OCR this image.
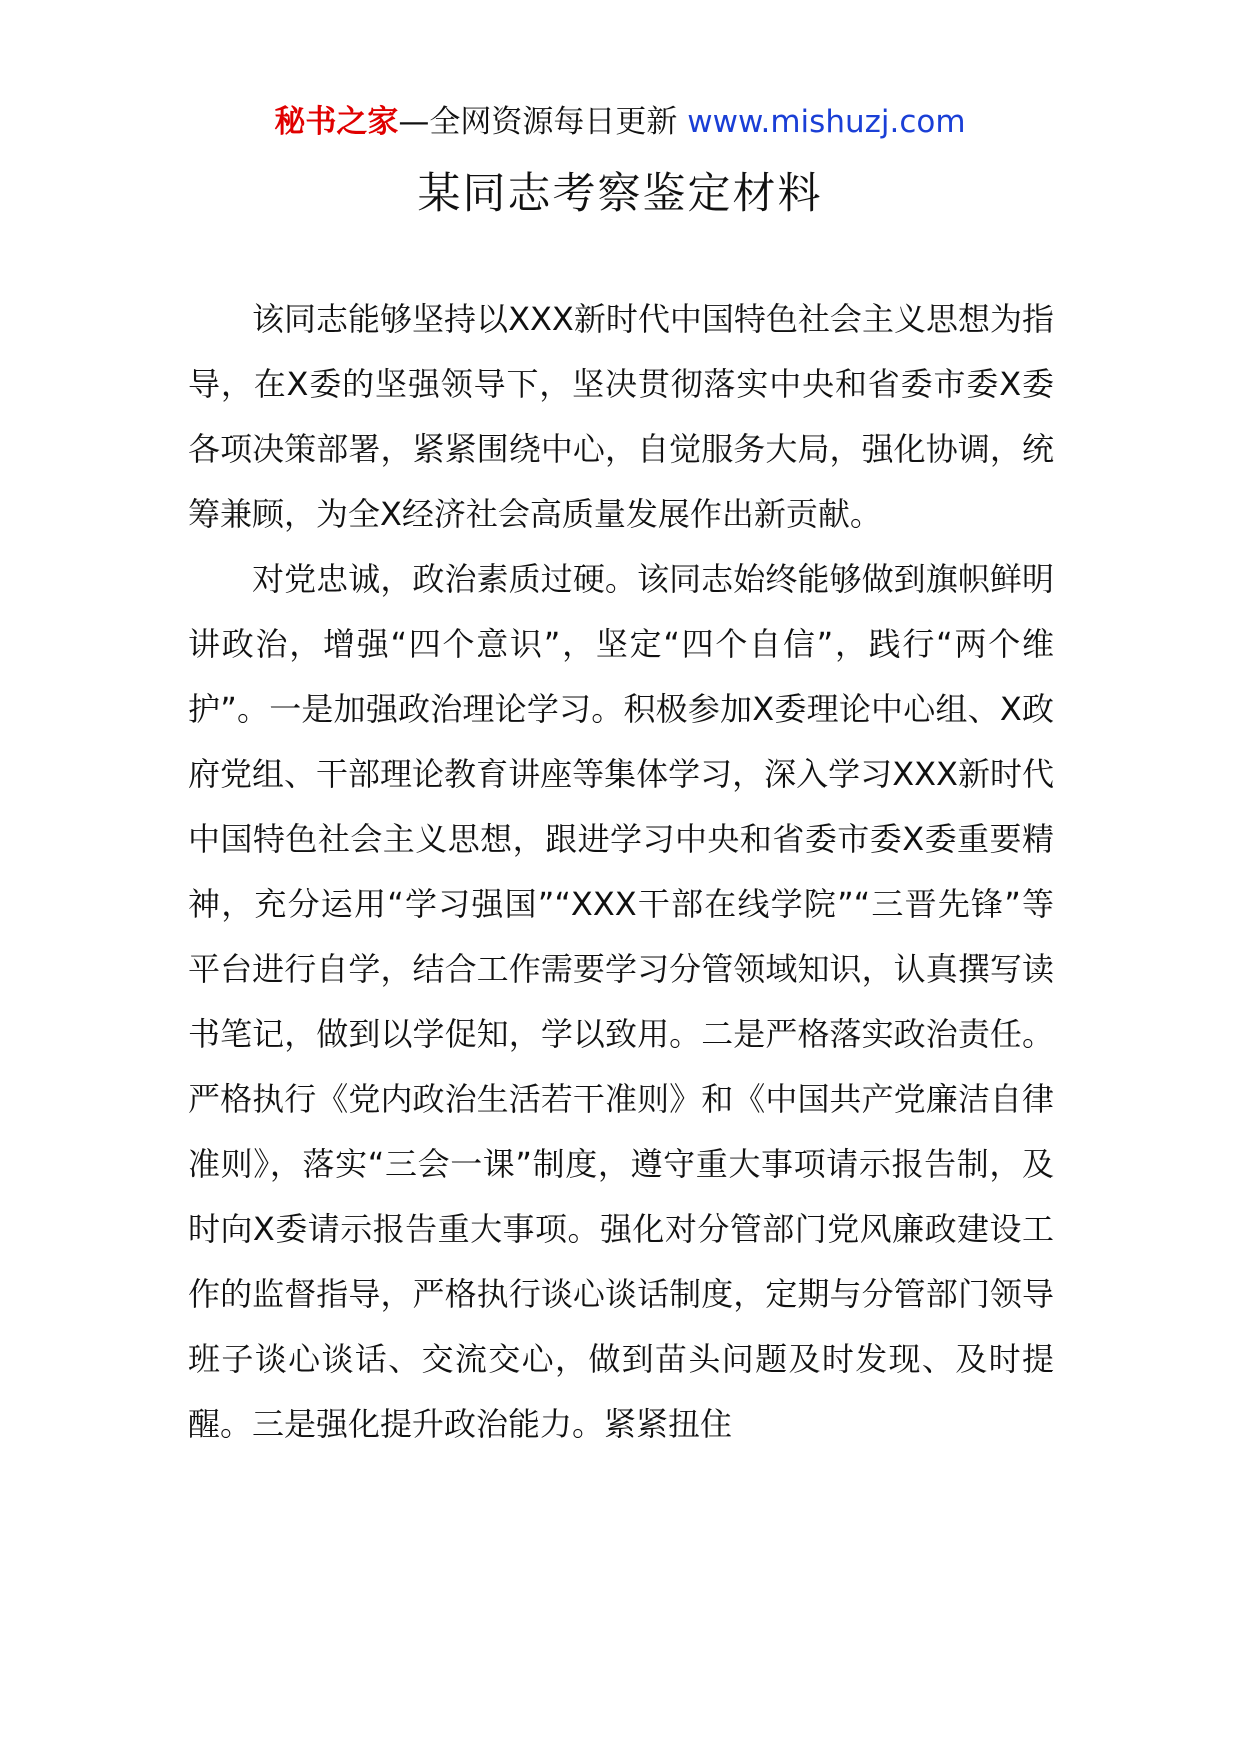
秘书之家—全网资源每日更新 www.mishuzj.com
某同志考察鉴定材料

该同志能够坚持以XXX新时代中国特色社会主义思想为指导，在X委的坚强领导下，坚决贯彻落实中央和省委市委X委各项决策部署，紧紧围绕中心，自觉服务大局，强化协调，统筹兼顾，为全X经济社会高质量发展作出新贡献。

对党忠诚，政治素质过硬。该同志始终能够做到旗帜鲜明讲政治，增强“四个意识”，坚定“四个自信”，践行“两个维护”。一是加强政治理论学习。积极参加X委理论中心组、X政府党组、干部理论教育讲座等集体学习，深入学习XXX新时代中国特色社会主义思想，跟进学习中央和省委市委X委重要精神，充分运用“学习强国”“XXX干部在线学院”“三晋先锋”等平台进行自学，结合工作需要学习分管领域知识，认真撰写读书笔记，做到以学促知，学以致用。二是严格落实政治责任。严格执行《党内政治生活若干准则》和《中国共产党廉洁自律准则》，落实“三会一课”制度，遵守重大事项请示报告制，及时向X委请示报告重大事项。强化对分管部门党风廉政建设工作的监督指导，严格执行谈心谈话制度，定期与分管部门领导班子谈心谈话、交流交心，做到苗头问题及时发现、及时提醒。三是强化提升政治能力。紧紧扭住
